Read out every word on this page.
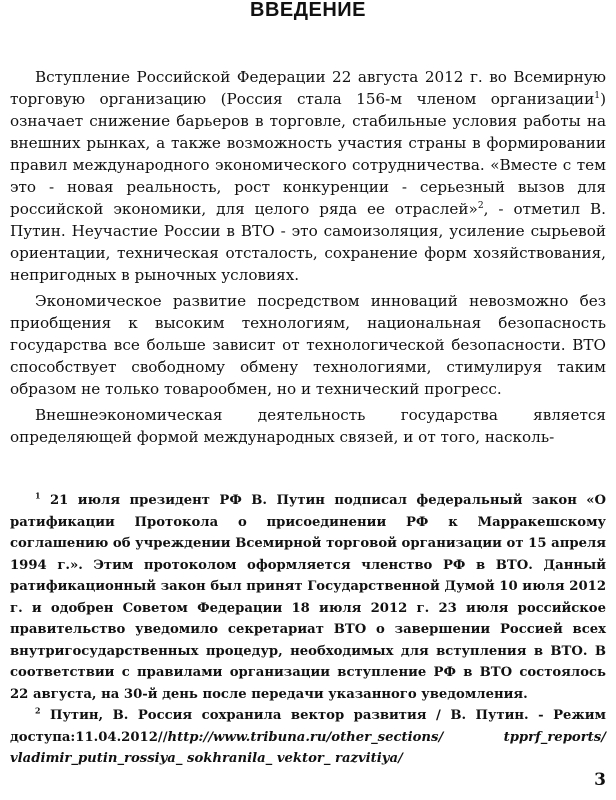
ВВЕДЕНИЕ

Вступление Российской Федерации 22 августа 2012 г. во Всемирную торговую организацию (Россия стала 156-м членом организации$^1$) означает снижение барьеров в торговле, стабильные условия работы на внешних рынках, а также возможность участия страны в формировании правил международного экономического сотрудничества. «Вместе с тем это - новая реальность, рост конкуренции - серьезный вызов для российской экономики, для целого ряда ее отраслей»$^2$, - отметил В. Путин. Неучастие России в ВТО - это самоизоляция, усиление сырьевой ориентации, техническая отсталость, сохранение форм хозяйствования, непригодных в рыночных условиях.

Экономическое развитие посредством инноваций невозможно без приобщения к высоким технологиям, национальная безопасность государства все больше зависит от технологической безопасности. ВТО способствует свободному обмену технологиями, стимулируя таким образом не только товарообмен, но и технический прогресс.

Внешнеэкономическая деятельность государства является определяющей формой международных связей, и от того, насколь-

$^1$ 21 июля президент РФ В. Путин подписал федеральный закон «О ратификации Протокола о присоединении РФ к Марракешскому соглашению об учреждении Всемирной торговой организации от 15 апреля 1994 г.». Этим протоколом оформляется членство РФ в ВТО. Данный ратификационный закон был принят Государственной Думой 10 июля 2012 г. и одобрен Советом Федерации 18 июля 2012 г. 23 июля российское правительство уведомило секретариат ВТО о завершении Россией всех внутригосударственных процедур, необходимых для вступления в ВТО. В соответствии с правилами организации вступление РФ в ВТО состоялось 22 августа, на 30-й день после передачи указанного уведомления.

$^2$ Путин, В. Россия сохранила вектор развития / В. Путин. - Режим доступа:11.04.2012//http://www.tribuna.ru/other_sections/ tpprf_reports/ vladimir_putin_rossiya_ sokhranila_ vektor_ razvitiya/

3
